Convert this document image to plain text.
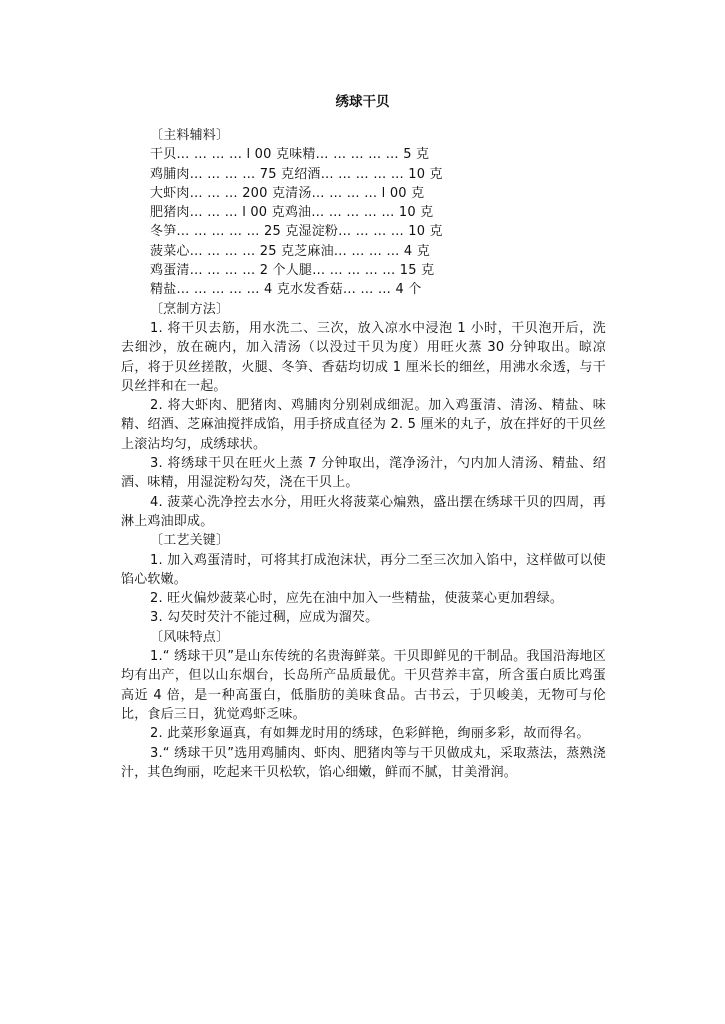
绣球干贝

〔主料辅料〕

干贝… … … … l 00 克味精… … … … … 5 克

鸡脯肉… … … … 75 克绍酒… … … … … 10 克

大虾肉… … … 200 克清汤… … … … l 00 克

肥猪肉… … … l 00 克鸡油… … … … … 10 克

冬笋… … … … … 25 克湿淀粉… … … … 10 克

菠菜心… … … … 25 克芝麻油… … … … 4 克

鸡蛋清… … … … 2 个人腿… … … … … 15 克

精盐… … … … … 4 克水发香菇… … … 4 个

〔烹制方法〕

1. 将干贝去筋，用水洗二、三次，放入凉水中浸泡 1 小时，干贝泡开后，洗去细沙，放在碗内，加入清汤（以没过干贝为度）用旺火蒸 30 分钟取出。晾凉后，将于贝丝搓散，火腿、冬笋、香菇均切成 1 厘米长的细丝，用沸水氽透，与干贝丝拌和在一起。

2. 将大虾肉、肥猪肉、鸡脯肉分别剁成细泥。加入鸡蛋清、清汤、精盐、味精、绍酒、芝麻油搅拌成馅，用手挤成直径为 2. 5 厘米的丸子，放在拌好的干贝丝上滚沾均匀，成绣球状。

3. 将绣球干贝在旺火上蒸 7 分钟取出，滗净汤汁，勺内加人清汤、精盐、绍酒、味精，用湿淀粉勾芡，浇在干贝上。

4. 菠菜心洗净控去水分，用旺火将菠菜心煸熟，盛出摆在绣球干贝的四周，再淋上鸡油即成。

〔工艺关键〕

1. 加入鸡蛋清时，可将其打成泡沫状，再分二至三次加入馅中，这样做可以使馅心软嫩。

2. 旺火偏炒菠菜心时，应先在油中加入一些精盐，使菠菜心更加碧绿。

3. 勾芡时芡汁不能过稠，应成为溜芡。

〔风味特点〕

1.“ 绣球干贝”是山东传统的名贵海鲜菜。干贝即鲜见的干制品。我国沿海地区均有出产，但以山东烟台，长岛所产品质最优。干贝营养丰富，所含蛋白质比鸡蛋高近 4 倍，是一种高蛋白，低脂肪的美味食品。古书云，于贝峻美，无物可与伦比，食后三日，犹觉鸡虾乏味。

2. 此菜形象逼真，有如舞龙时用的绣球，色彩鲜艳，绚丽多彩，故而得名。

3.“ 绣球干贝”选用鸡脯肉、虾肉、肥猪肉等与干贝做成丸，采取蒸法，蒸熟浇汁，其色绚丽，吃起来干贝松软，馅心细嫩，鲜而不腻，甘美滑润。
